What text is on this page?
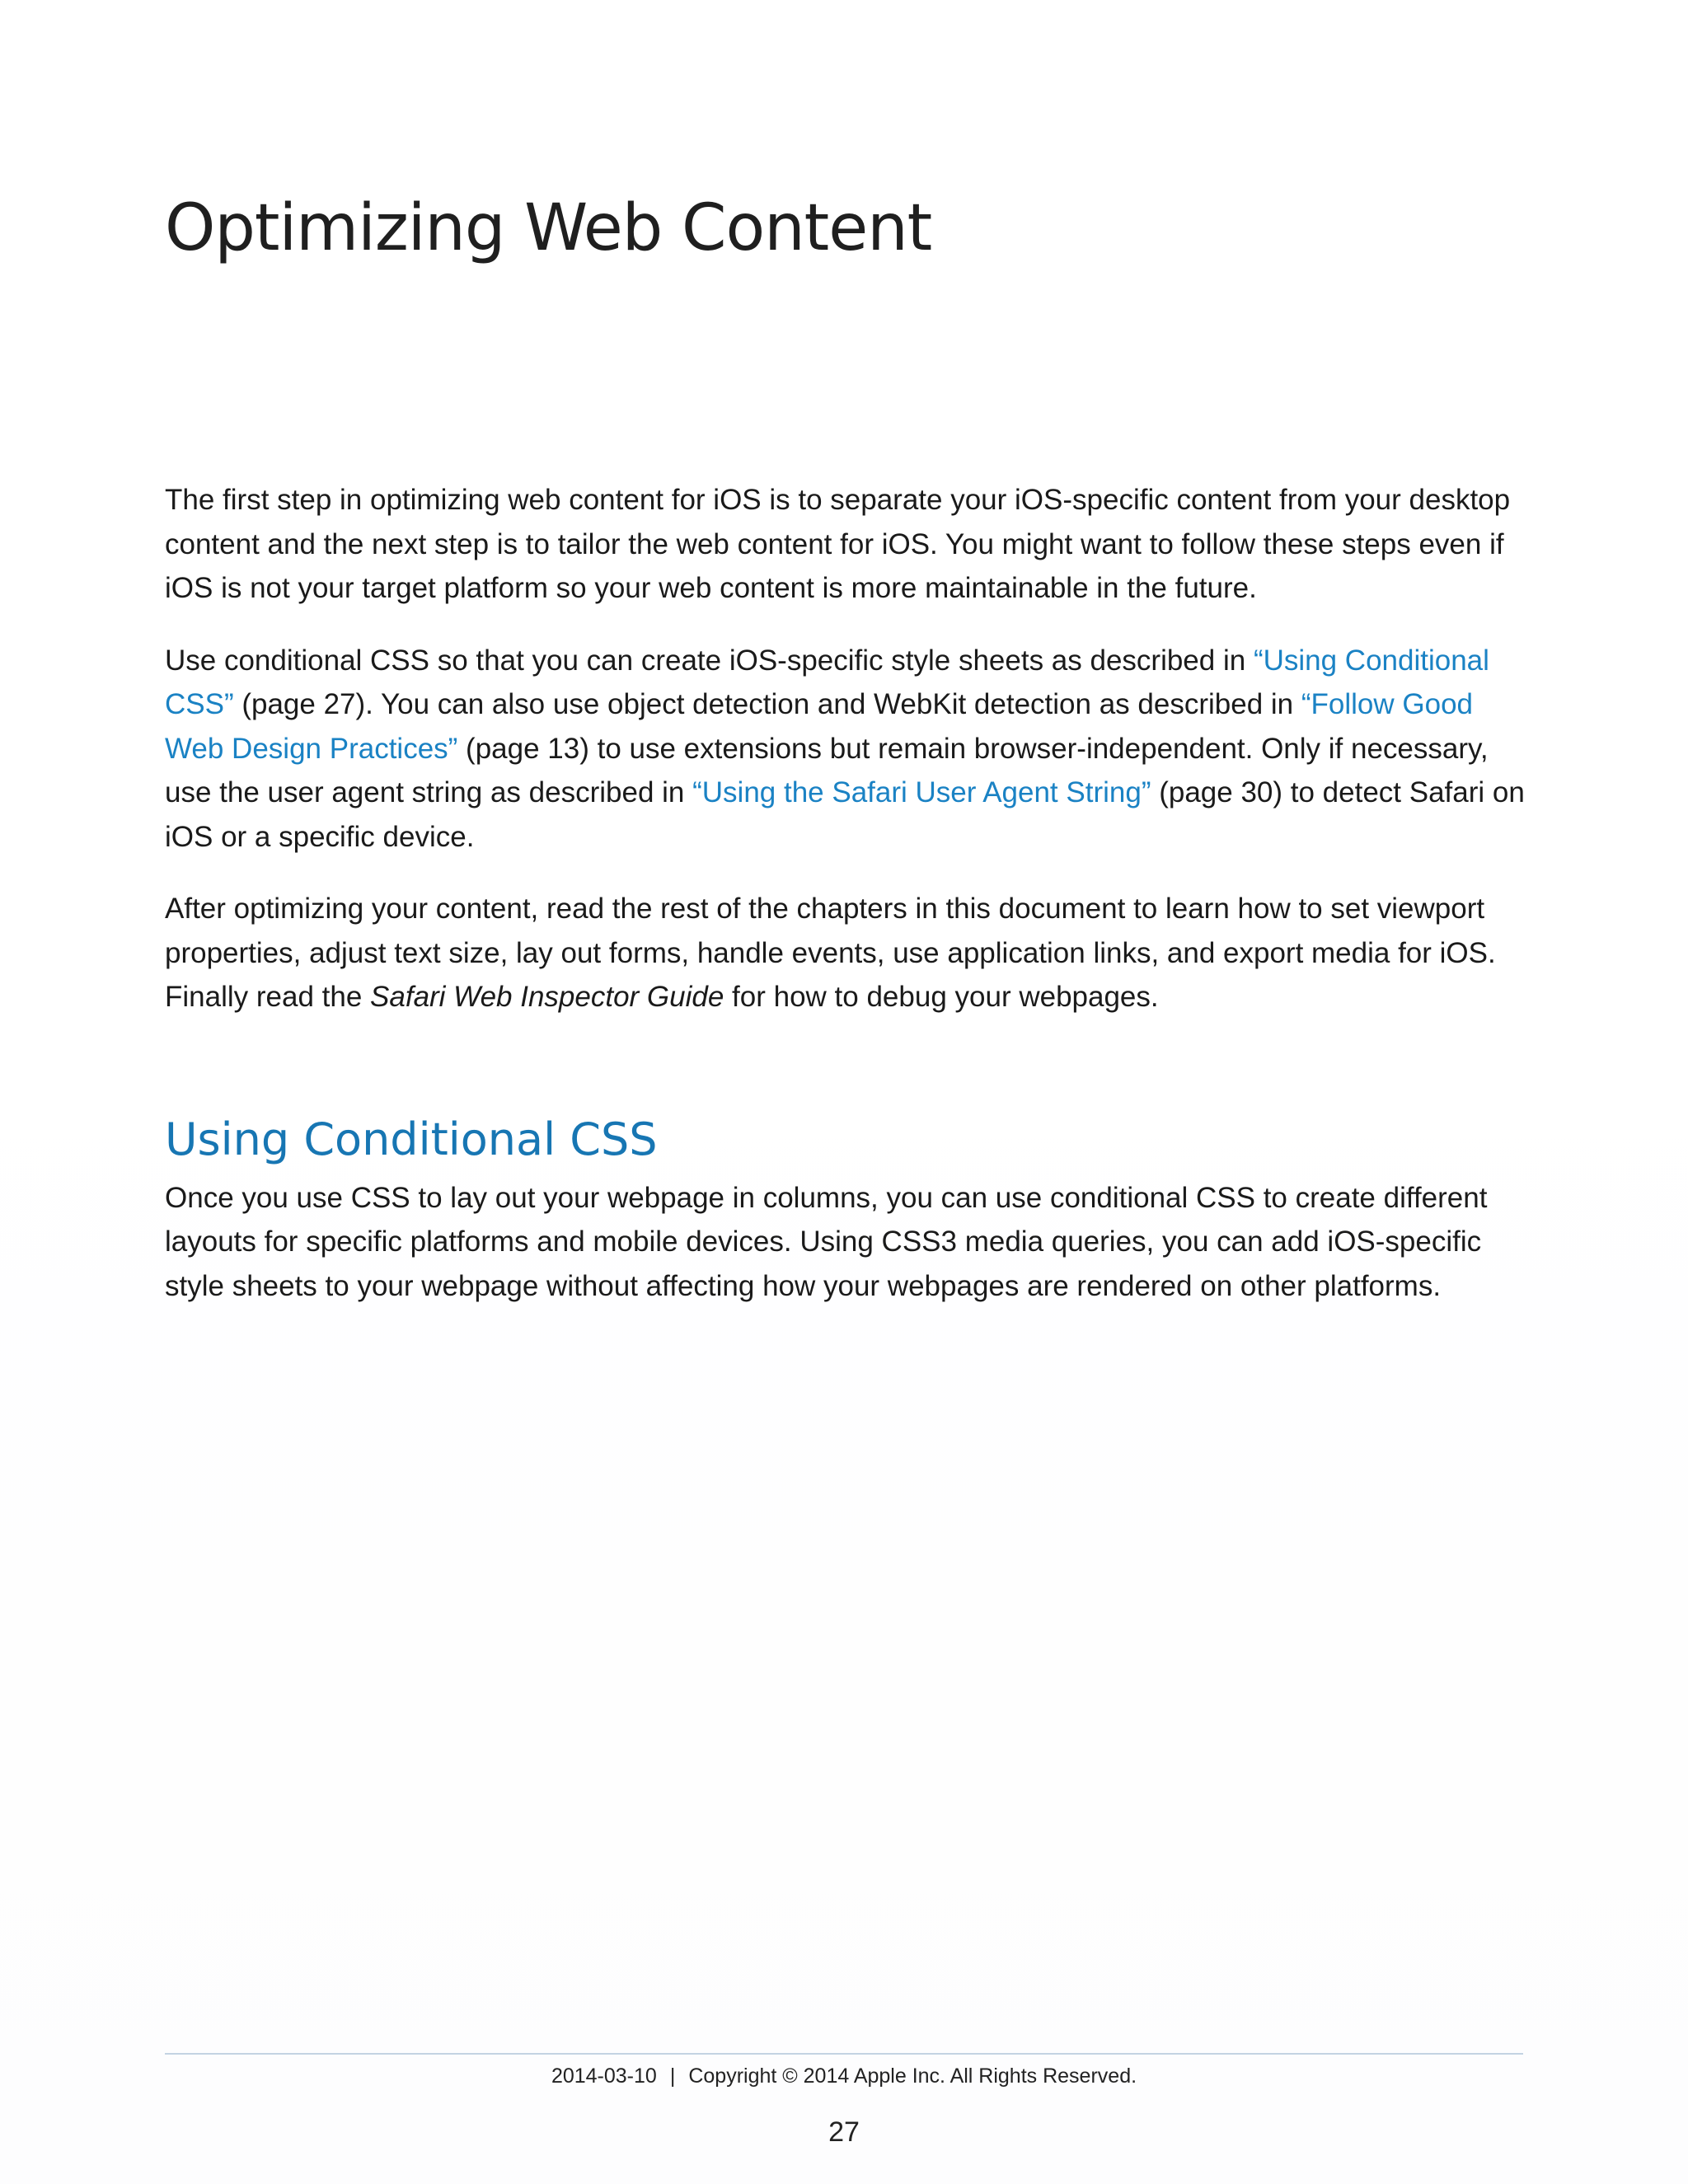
Optimizing Web Content

The first step in optimizing web content for iOS is to separate your iOS-specific content from your desktop content and the next step is to tailor the web content for iOS. You might want to follow these steps even if iOS is not your target platform so your web content is more maintainable in the future.

Use conditional CSS so that you can create iOS-specific style sheets as described in “Using Conditional CSS” (page 27). You can also use object detection and WebKit detection as described in “Follow Good Web Design Practices” (page 13) to use extensions but remain browser-independent. Only if necessary, use the user agent string as described in “Using the Safari User Agent String” (page 30) to detect Safari on iOS or a specific device.

After optimizing your content, read the rest of the chapters in this document to learn how to set viewport properties, adjust text size, lay out forms, handle events, use application links, and export media for iOS. Finally read the Safari Web Inspector Guide for how to debug your webpages.

Using Conditional CSS

Once you use CSS to lay out your webpage in columns, you can use conditional CSS to create different layouts for specific platforms and mobile devices. Using CSS3 media queries, you can add iOS-specific style sheets to your webpage without affecting how your webpages are rendered on other platforms.

2014-03-10 | Copyright © 2014 Apple Inc. All Rights Reserved.
27
